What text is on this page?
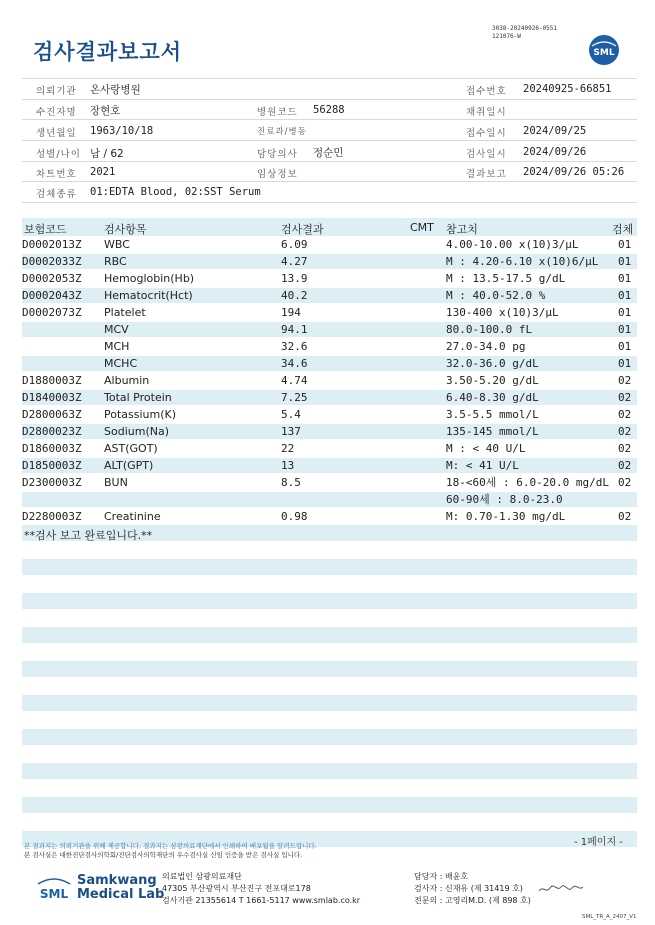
검사결과보고서
3038-20240926-0551
121076-W
SML
의뢰기관 온사랑병원	접수번호 20240925-66851
수진자명 장현호	병원코드 56288	채취일시
생년월일 1963/10/18	진료과/병동	접수일시 2024/09/25
성별/나이 남 / 62	담당의사 정순민	검사일시 2024/09/26
차트번호 2021	임상정보	결과보고 2024/09/26 05:26
검체종류 01:EDTA Blood, 02:SST Serum
보험코드	검사항목	검사결과	CMT 참고치	검체
D0002013Z WBC	6.09	4.00-10.00 x(10)3/μL	01
D0002033Z RBC	4.27	M : 4.20-6.10 x(10)6/μL 01
D0002053Z Hemoglobin(Hb)	13.9	M : 13.5-17.5 g/dL	01
D0002043Z Hematocrit(Hct)	40.2	M : 40.0-52.0 %	01
D0002073Z Platelet	194	130-400 x(10)3/μL	01
MCV	94.1	80.0-100.0 fL	01
MCH	32.6	27.0-34.0 pg	01
MCHC	34.6	32.0-36.0 g/dL	01
D1880003Z Albumin	4.74	3.50-5.20 g/dL	02
D1840003Z Total Protein	7.25	6.40-8.30 g/dL	02
D2800063Z Potassium(K)	5.4	3.5-5.5 mmol/L	02
D2800023Z Sodium(Na)	137	135-145 mmol/L	02
D1860003Z AST(GOT)	22	M : < 40 U/L	02
D1850003Z ALT(GPT)	13	M: < 41 U/L	02
D2300003Z BUN	8.5	18-<60세 : 6.0-20.0 mg/dL 02
60-90세 : 8.0-23.0
D2280003Z Creatinine	0.98	M: 0.70-1.30 mg/dL	02
**검사 보고 완료입니다.**
- 1페이지 -
본 결과지는 의뢰기관을 위해 제공합니다. 결과지는 삼광의료재단에서 인쇄하여 배포됨을 알려드립니다.
본 검사실은 대한진단검사의학회/진단검사의학재단의 우수검사실 신임 인증을 받은 검사실 입니다.
SML
Samkwang
Medical Lab
의료법인 삼광의료재단
47305 부산광역시 부산진구 전포대로178
검사기관 21355614 T 1661-5117 www.smlab.co.kr
담당자 : 배윤호
검사자 : 신재유 (제 31419 호)
전문의 : 고영리M.D. (제 898 호)
SML_TR_A_2407_V1
